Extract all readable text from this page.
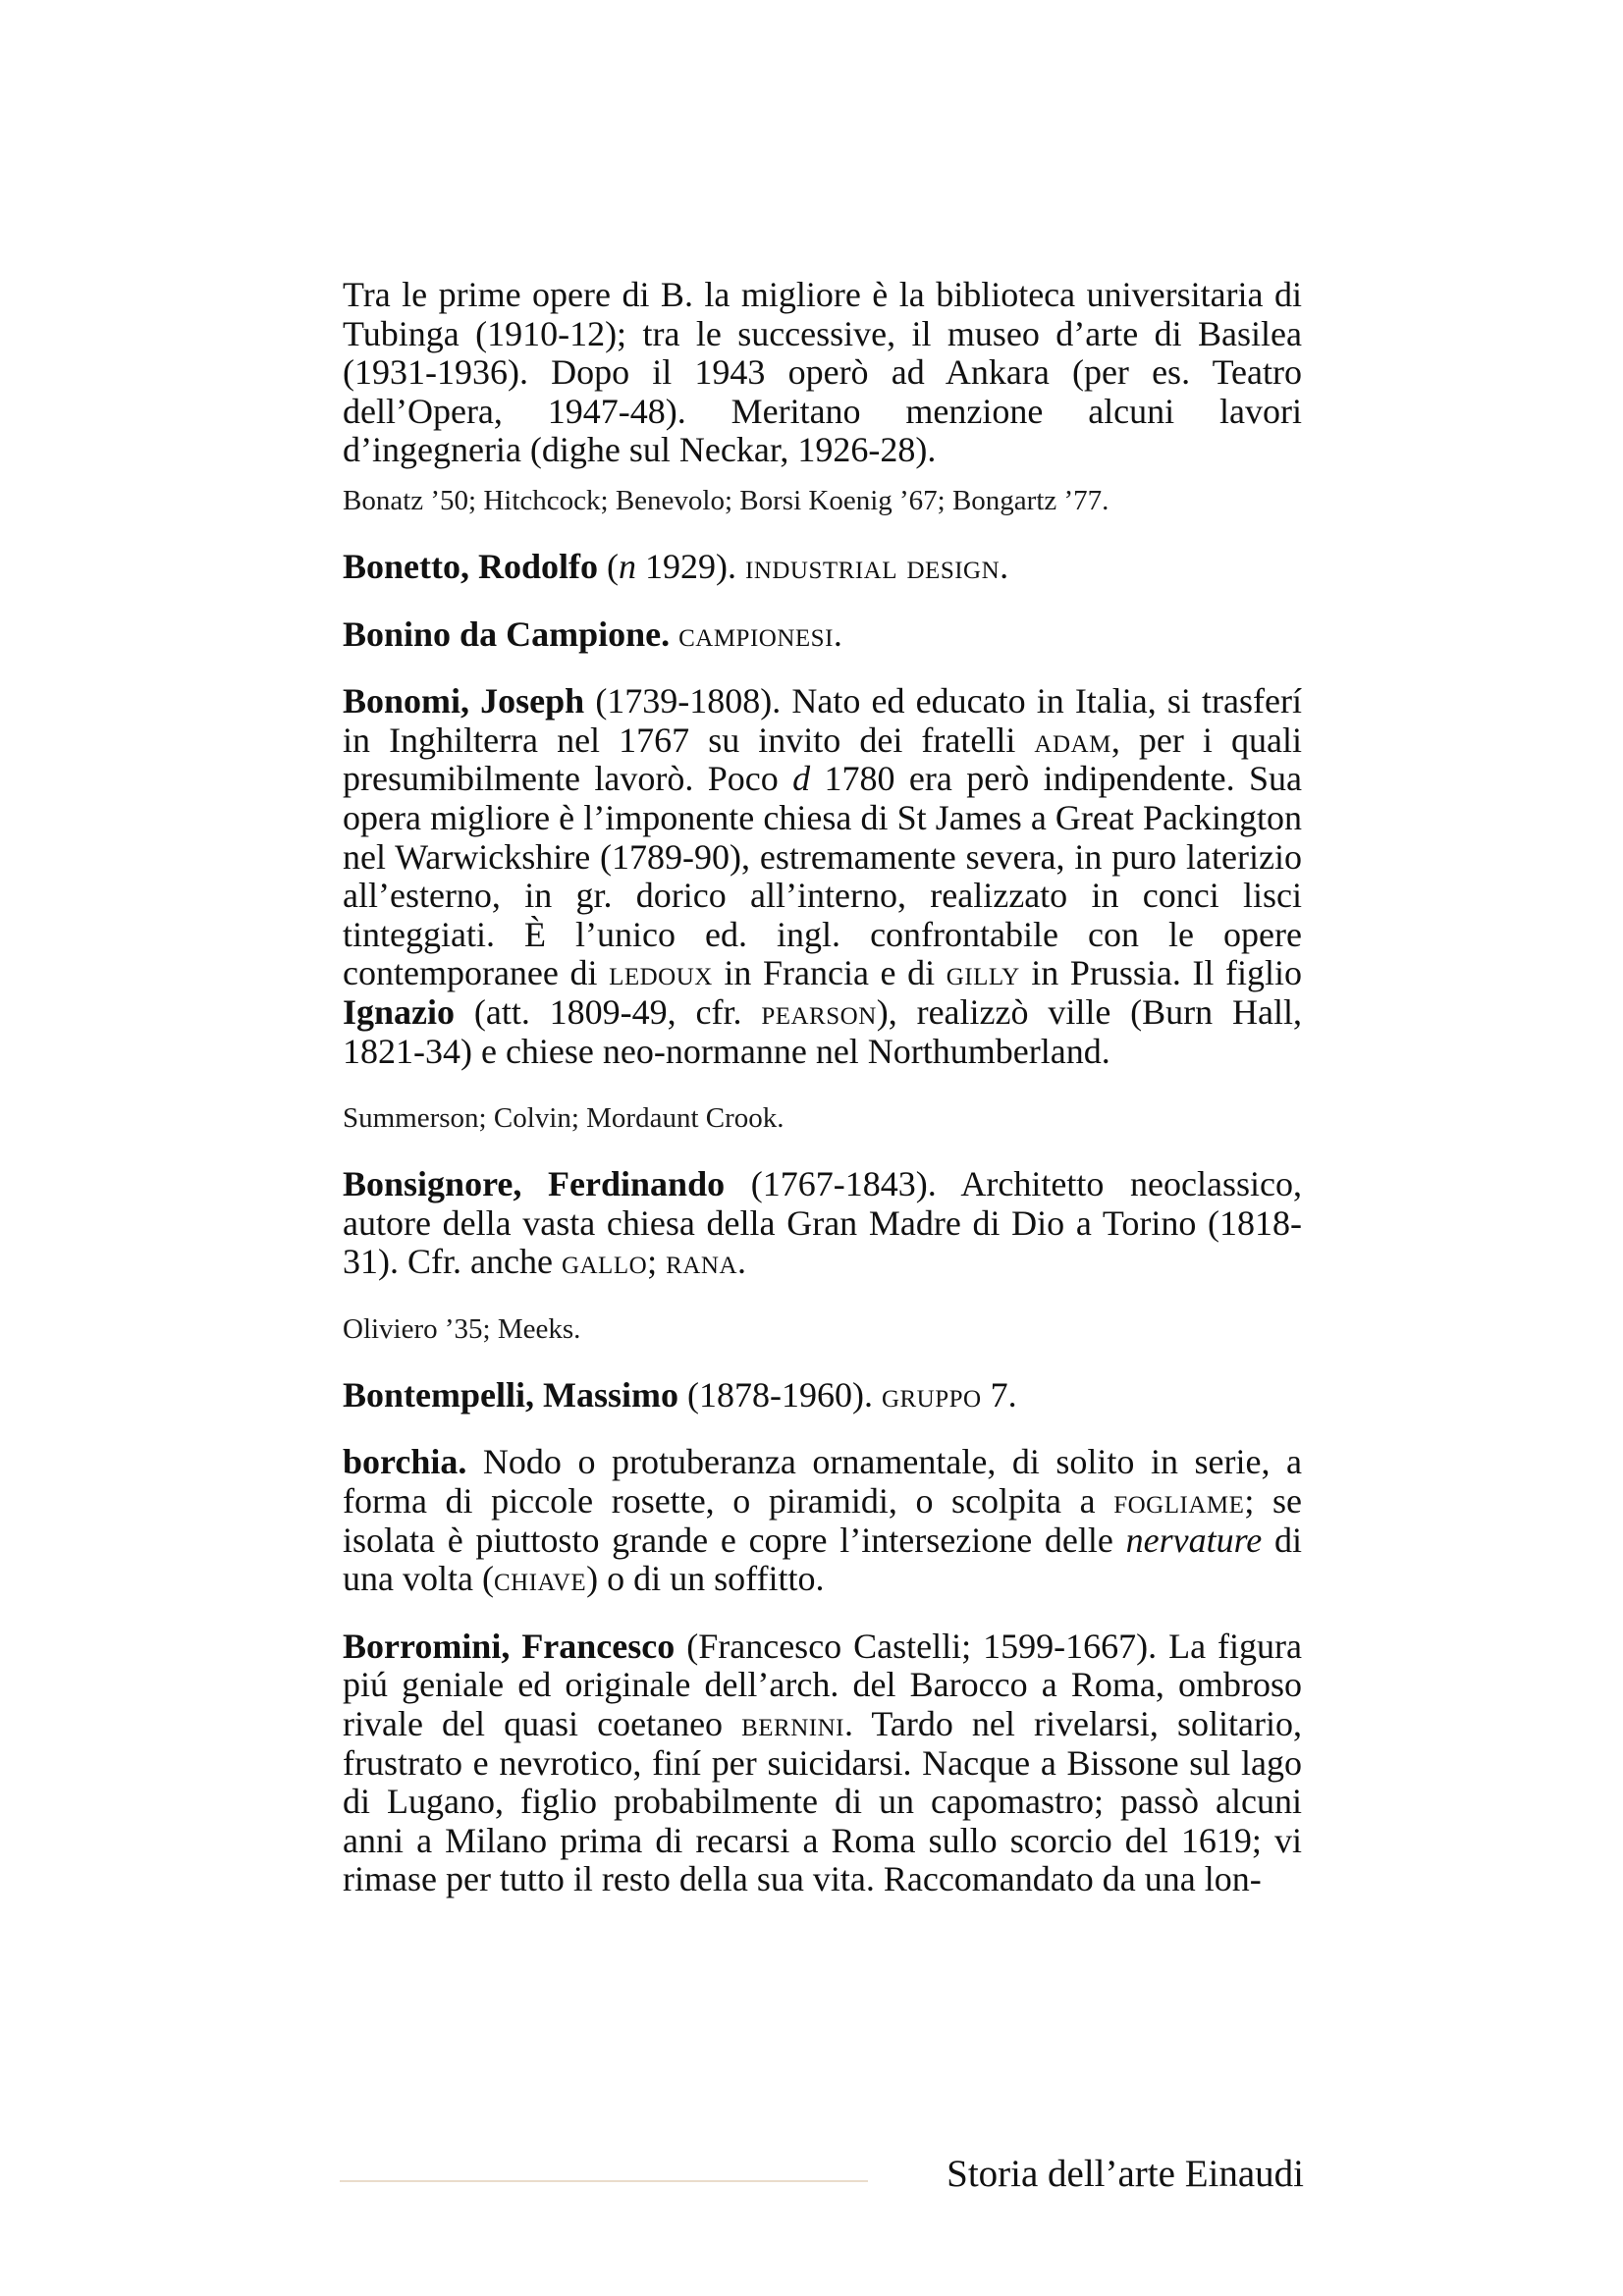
Tra le prime opere di B. la migliore è la biblioteca universitaria di Tubinga (1910-12); tra le successive, il museo d’arte di Basilea (1931-1936). Dopo il 1943 operò ad Ankara (per es. Teatro dell’Opera, 1947-48). Meritano menzione alcuni lavori d’ingegneria (dighe sul Neckar, 1926-28).

Bonatz ’50; Hitchcock; Benevolo; Borsi Koenig ’67; Bongartz ’77.

Bonetto, Rodolfo (n 1929). industrial design.

Bonino da Campione. campionesi.

Bonomi, Joseph (1739-1808). Nato ed educato in Italia, si trasferí in Inghilterra nel 1767 su invito dei fratelli adam, per i quali presumibilmente lavorò. Poco d 1780 era però indipendente. Sua opera migliore è l’imponente chiesa di St James a Great Packington nel Warwickshire (1789-90), estremamente severa, in puro laterizio all’esterno, in gr. dorico all’interno, realizzato in conci lisci tinteggiati. È l’unico ed. ingl. confrontabile con le opere contemporanee di ledoux in Francia e di gilly in Prussia. Il figlio Ignazio (att. 1809-49, cfr. pearson), realizzò ville (Burn Hall, 1821-34) e chiese neo-normanne nel Northumberland.

Summerson; Colvin; Mordaunt Crook.

Bonsignore, Ferdinando (1767-1843). Architetto neoclassico, autore della vasta chiesa della Gran Madre di Dio a Torino (1818-31). Cfr. anche gallo; rana.

Oliviero ’35; Meeks.

Bontempelli, Massimo (1878-1960). gruppo 7.

borchia. Nodo o protuberanza ornamentale, di solito in serie, a forma di piccole rosette, o piramidi, o scolpita a fogliame; se isolata è piuttosto grande e copre l’intersezione delle nervature di una volta (chiave) o di un soffitto.

Borromini, Francesco (Francesco Castelli; 1599-1667). La figura piú geniale ed originale dell’arch. del Barocco a Roma, ombroso rivale del quasi coetaneo bernini. Tardo nel rivelarsi, solitario, frustrato e nevrotico, finí per suicidarsi. Nacque a Bissone sul lago di Lugano, figlio probabilmente di un capomastro; passò alcuni anni a Milano prima di recarsi a Roma sullo scorcio del 1619; vi rimase per tutto il resto della sua vita. Raccomandato da una lon-

Storia dell’arte Einaudi
